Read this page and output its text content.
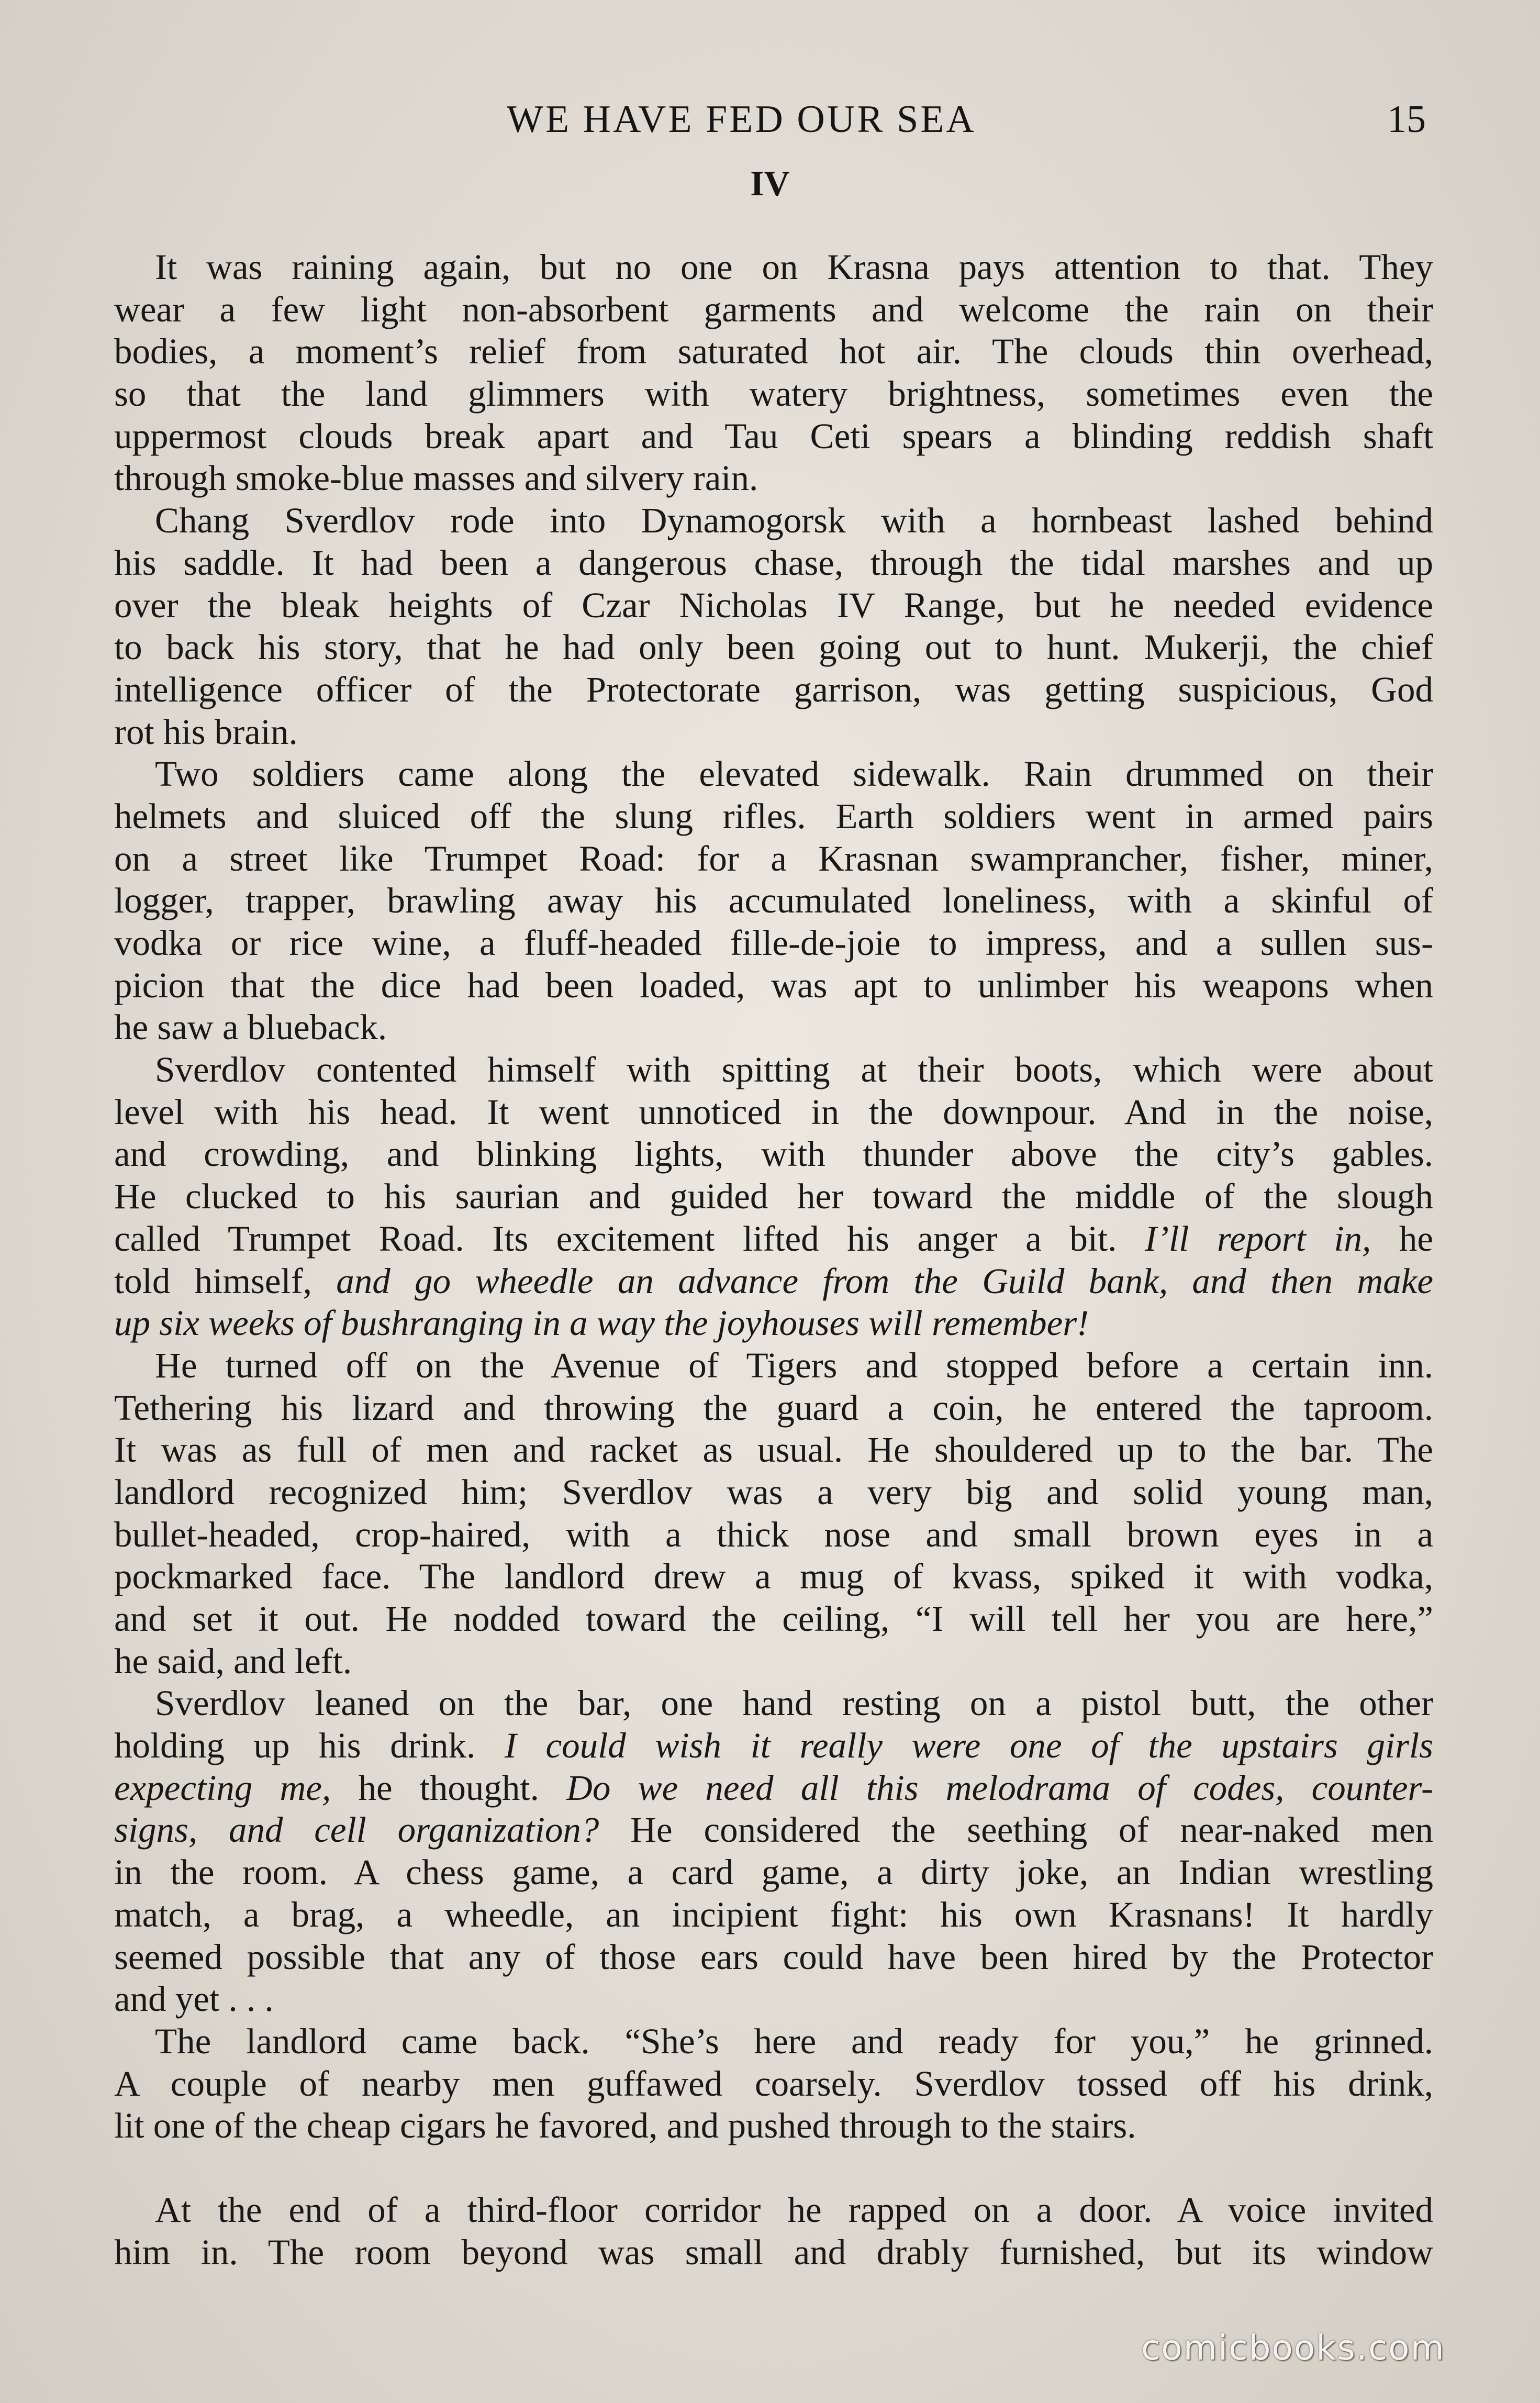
WE HAVE FED OUR SEA	15
IV
It was raining again, but no one on Krasna pays attention to that. They
wear a few light non-absorbent garments and welcome the rain on their
bodies, a moment’s relief from saturated hot air. The clouds thin overhead,
so that the land glimmers with watery brightness, sometimes even the
uppermost clouds break apart and Tau Ceti spears a blinding reddish shaft
through smoke-blue masses and silvery rain.
Chang Sverdlov rode into Dynamogorsk with a hornbeast lashed behind
his saddle. It had been a dangerous chase, through the tidal marshes and up
over the bleak heights of Czar Nicholas IV Range, but he needed evidence
to back his story, that he had only been going out to hunt. Mukerji, the chief
intelligence officer of the Protectorate garrison, was getting suspicious, God
rot his brain.
Two soldiers came along the elevated sidewalk. Rain drummed on their
helmets and sluiced off the slung rifles. Earth soldiers went in armed pairs
on a street like Trumpet Road: for a Krasnan swamprancher, fisher, miner,
logger, trapper, brawling away his accumulated loneliness, with a skinful of
vodka or rice wine, a fluff-headed fille-de-joie to impress, and a sullen sus-
picion that the dice had been loaded, was apt to unlimber his weapons when
he saw a blueback.
Sverdlov contented himself with spitting at their boots, which were about
level with his head. It went unnoticed in the downpour. And in the noise,
and crowding, and blinking lights, with thunder above the city’s gables.
He clucked to his saurian and guided her toward the middle of the slough
called Trumpet Road. Its excitement lifted his anger a bit. I’ll report in, he
told himself, and go wheedle an advance from the Guild bank, and then make
up six weeks of bushranging in a way the joyhouses will remember!
He turned off on the Avenue of Tigers and stopped before a certain inn.
Tethering his lizard and throwing the guard a coin, he entered the taproom.
It was as full of men and racket as usual. He shouldered up to the bar. The
landlord recognized him; Sverdlov was a very big and solid young man,
bullet-headed, crop-haired, with a thick nose and small brown eyes in a
pockmarked face. The landlord drew a mug of kvass, spiked it with vodka,
and set it out. He nodded toward the ceiling, “I will tell her you are here,”
he said, and left.
Sverdlov leaned on the bar, one hand resting on a pistol butt, the other
holding up his drink. I could wish it really were one of the upstairs girls
expecting me, he thought. Do we need all this melodrama of codes, counter-
signs, and cell organization? He considered the seething of near-naked men
in the room. A chess game, a card game, a dirty joke, an Indian wrestling
match, a brag, a wheedle, an incipient fight: his own Krasnans! It hardly
seemed possible that any of those ears could have been hired by the Protector
and yet . . .
The landlord came back. “She’s here and ready for you,” he grinned.
A couple of nearby men guffawed coarsely. Sverdlov tossed off his drink,
lit one of the cheap cigars he favored, and pushed through to the stairs.
At the end of a third-floor corridor he rapped on a door. A voice invited
him in. The room beyond was small and drably furnished, but its window
comicbooks.com
